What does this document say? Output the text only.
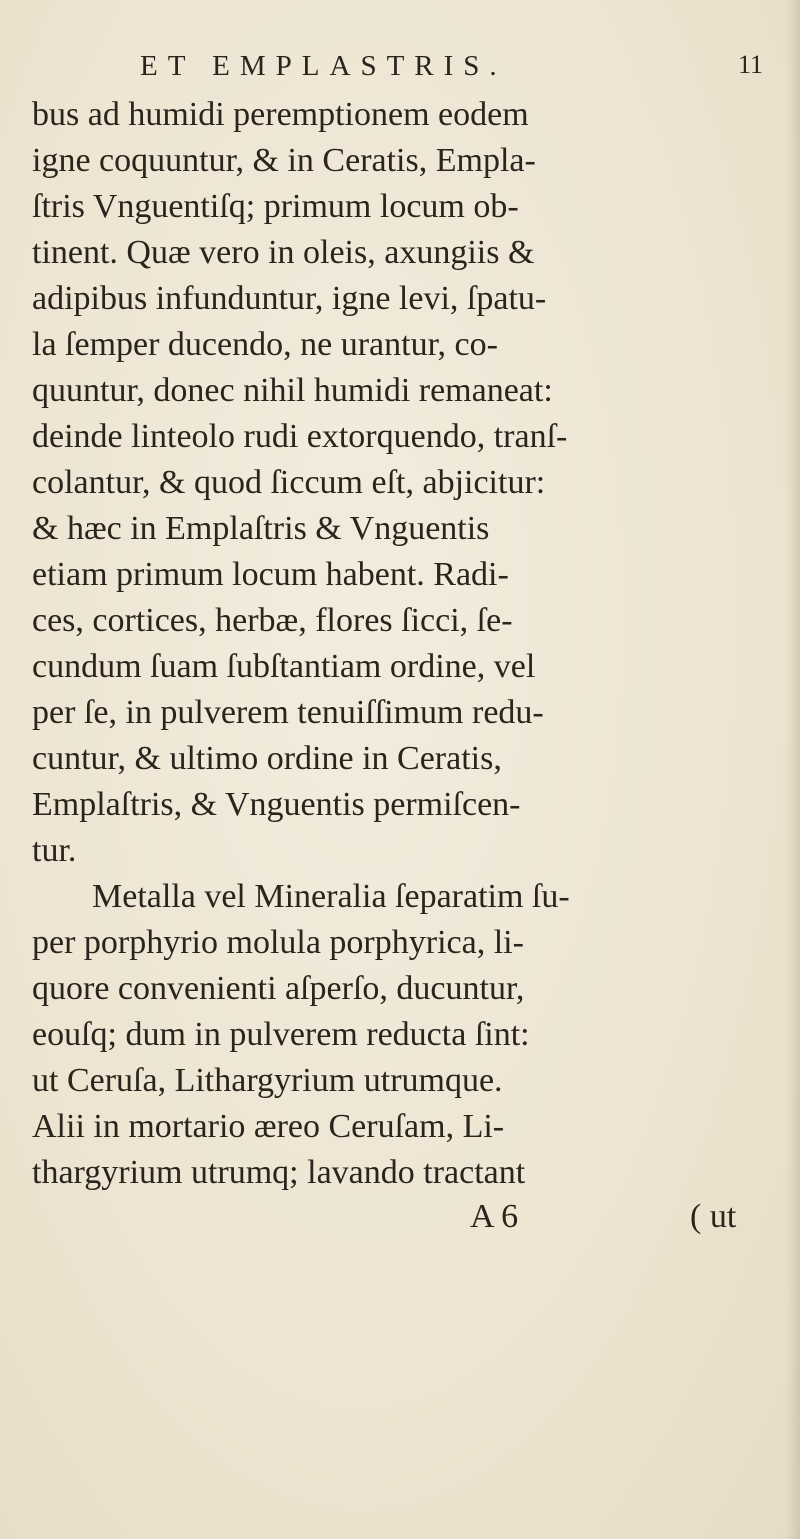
ET EMPLASTRIS.	11
bus ad humidi peremptionem eodem
igne coquuntur, & in Ceratis, Empla-
ſtris Vnguentiſq; primum locum ob-
tinent. Quæ vero in oleis, axungiis &
adipibus infunduntur, igne levi, ſpatu-
la ſemper ducendo, ne urantur, co-
quuntur, donec nihil humidi remaneat:
deinde linteolo rudi extorquendo, tranſ-
colantur, & quod ſiccum eſt, abjicitur:
& hæc in Emplaſtris & Vnguentis
etiam primum locum habent. Radi-
ces, cortices, herbæ, flores ſicci, ſe-
cundum ſuam ſubſtantiam ordine, vel
per ſe, in pulverem tenuiſſimum redu-
cuntur, & ultimo ordine in Ceratis,
Emplaſtris, & Vnguentis permiſcen-
tur.
Metalla vel Mineralia ſeparatim ſu-
per porphyrio molula porphyrica, li-
quore convenienti aſperſo, ducuntur,
eouſq; dum in pulverem reducta ſint:
ut Ceruſa, Lithargyrium utrumque.
Alii in mortario æreo Ceruſam, Li-
thargyrium utrumq; lavando tractant
A 6	( ut
